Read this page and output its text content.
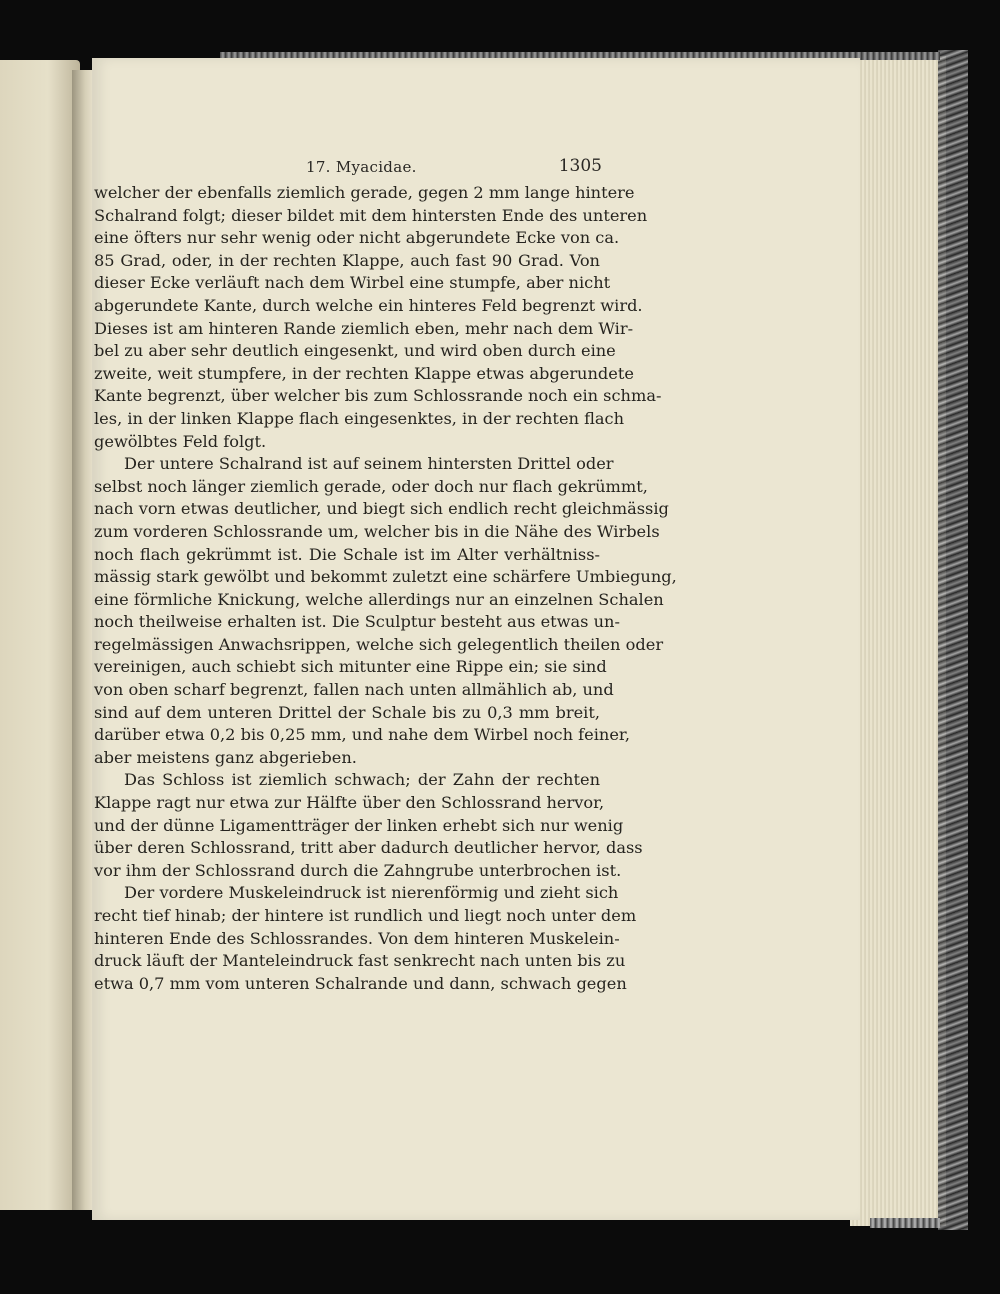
17. Myacidae.	1305

welcher der ebenfalls ziemlich gerade, gegen 2 mm lange hintere
Schalrand folgt; dieser bildet mit dem hintersten Ende des unteren
eine öfters nur sehr wenig oder nicht abgerundete Ecke von ca.
85 Grad, oder, in der rechten Klappe, auch fast 90 Grad. Von
dieser Ecke verläuft nach dem Wirbel eine stumpfe, aber nicht
abgerundete Kante, durch welche ein hinteres Feld begrenzt wird.
Dieses ist am hinteren Rande ziemlich eben, mehr nach dem Wir-
bel zu aber sehr deutlich eingesenkt, und wird oben durch eine
zweite, weit stumpfere, in der rechten Klappe etwas abgerundete
Kante begrenzt, über welcher bis zum Schlossrande noch ein schma-
les, in der linken Klappe flach eingesenktes, in der rechten flach
gewölbtes Feld folgt.

Der untere Schalrand ist auf seinem hintersten Drittel oder
selbst noch länger ziemlich gerade, oder doch nur flach gekrümmt,
nach vorn etwas deutlicher, und biegt sich endlich recht gleichmässig
zum vorderen Schlossrande um, welcher bis in die Nähe des Wirbels
noch flach gekrümmt ist. Die Schale ist im Alter verhältniss-
mässig stark gewölbt und bekommt zuletzt eine schärfere Umbiegung,
eine förmliche Knickung, welche allerdings nur an einzelnen Schalen
noch theilweise erhalten ist. Die Sculptur besteht aus etwas un-
regelmässigen Anwachsrippen, welche sich gelegentlich theilen oder
vereinigen, auch schiebt sich mitunter eine Rippe ein; sie sind
von oben scharf begrenzt, fallen nach unten allmählich ab, und
sind auf dem unteren Drittel der Schale bis zu 0,3 mm breit,
darüber etwa 0,2 bis 0,25 mm, und nahe dem Wirbel noch feiner,
aber meistens ganz abgerieben.

Das Schloss ist ziemlich schwach; der Zahn der rechten
Klappe ragt nur etwa zur Hälfte über den Schlossrand hervor,
und der dünne Ligamentträger der linken erhebt sich nur wenig
über deren Schlossrand, tritt aber dadurch deutlicher hervor, dass
vor ihm der Schlossrand durch die Zahngrube unterbrochen ist.

Der vordere Muskeleindruck ist nierenförmig und zieht sich
recht tief hinab; der hintere ist rundlich und liegt noch unter dem
hinteren Ende des Schlossrandes. Von dem hinteren Muskelein-
druck läuft der Manteleindruck fast senkrecht nach unten bis zu
etwa 0,7 mm vom unteren Schalrande und dann, schwach gegen
